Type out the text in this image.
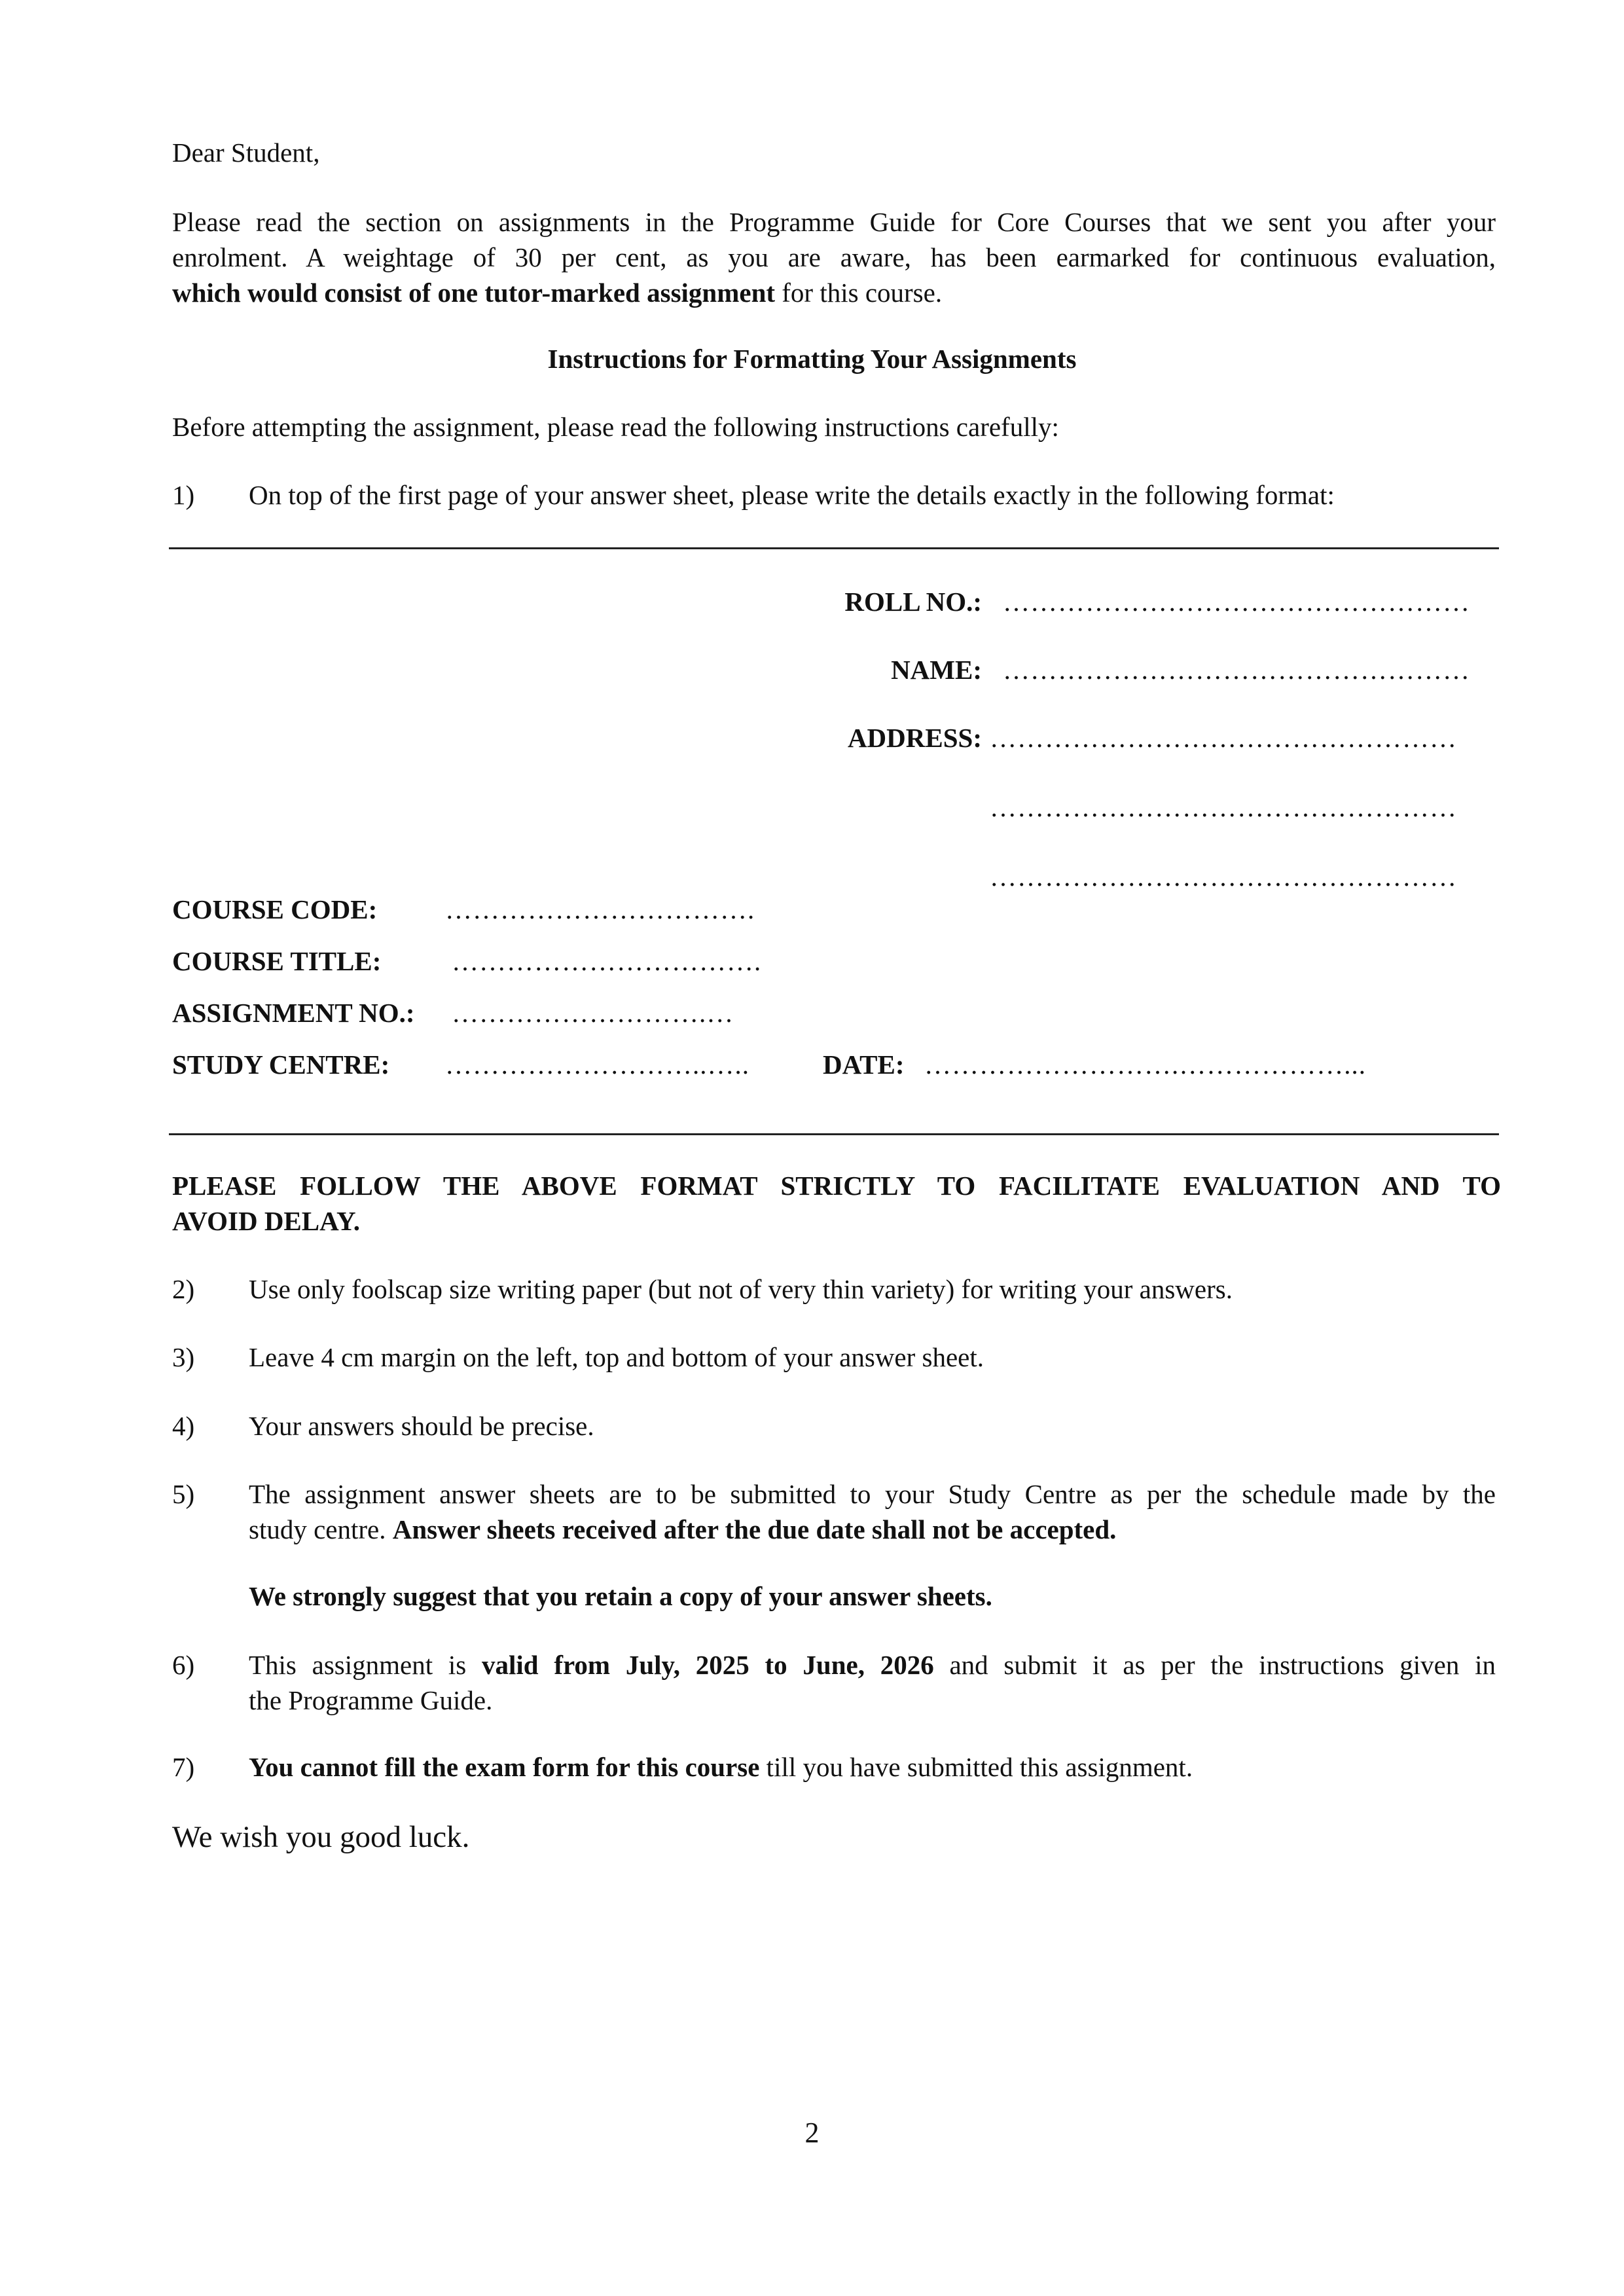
Dear Student,
Please read the section on assignments in the Programme Guide for Core Courses that we sent you after your
enrolment. A weightage of 30 per cent, as you are aware, has been earmarked for continuous evaluation,
which would consist of one tutor-marked assignment for this course.
Instructions for Formatting Your Assignments
Before attempting the assignment, please read the following instructions carefully:
1) On top of the first page of your answer sheet, please write the details exactly in the following format:
ROLL NO.: ……………………………………………
NAME: ……………………………………………
ADDRESS: ……………………………………………
……………………………………………
……………………………………………
COURSE CODE:	…………………………….
COURSE TITLE:	…………………………….
ASSIGNMENT NO.: ……………………….…
STUDY CENTRE: ………………………..…..	DATE: ……………………….………………...
PLEASE FOLLOW THE ABOVE FORMAT STRICTLY TO FACILITATE EVALUATION AND TO
AVOID DELAY.
2) Use only foolscap size writing paper (but not of very thin variety) for writing your answers.
3) Leave 4 cm margin on the left, top and bottom of your answer sheet.
4) Your answers should be precise.
5) The assignment answer sheets are to be submitted to your Study Centre as per the schedule made by the
study centre. Answer sheets received after the due date shall not be accepted.
We strongly suggest that you retain a copy of your answer sheets.
6) This assignment is valid from July, 2025 to June, 2026 and submit it as per the instructions given in
the Programme Guide.
7) You cannot fill the exam form for this course till you have submitted this assignment.
We wish you good luck.
2
